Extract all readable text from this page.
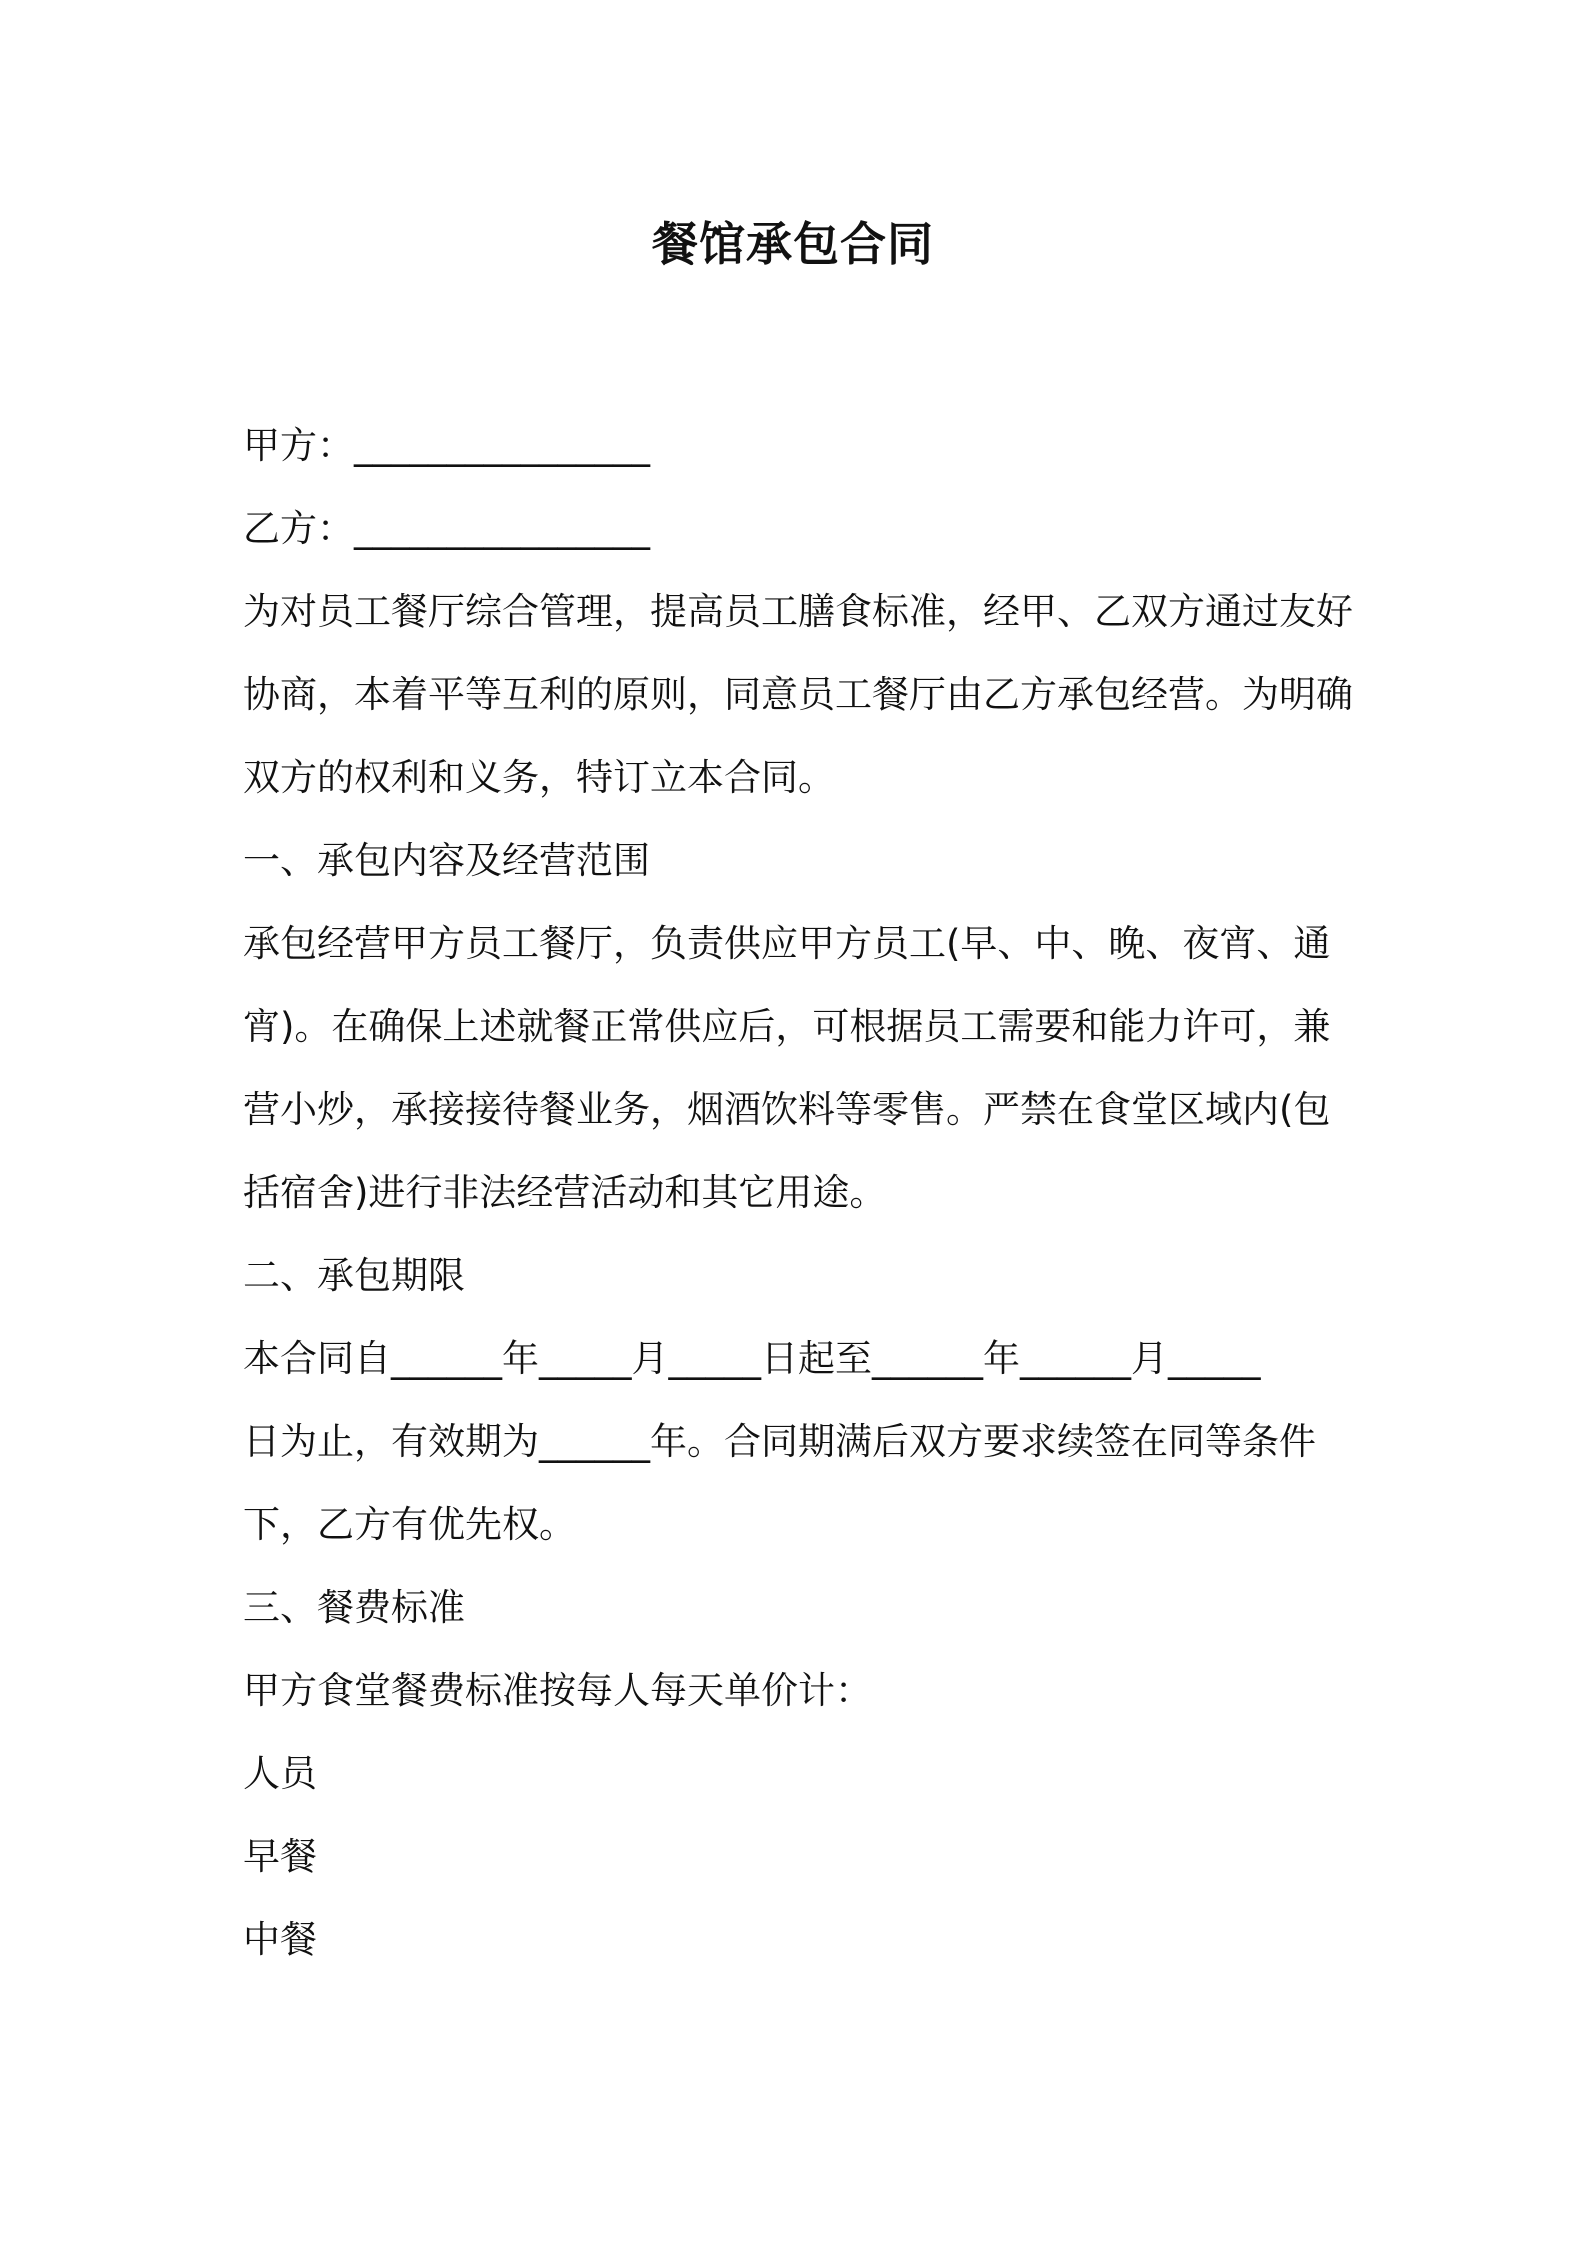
餐馆承包合同
甲方：________________
乙方：________________
为对员工餐厅综合管理，提高员工膳食标准，经甲、乙双方通过友好
协商，本着平等互利的原则，同意员工餐厅由乙方承包经营。为明确
双方的权利和义务，特订立本合同。
一、承包内容及经营范围
承包经营甲方员工餐厅，负责供应甲方员工(早、中、晚、夜宵、通
宵)。在确保上述就餐正常供应后，可根据员工需要和能力许可，兼
营小炒，承接接待餐业务，烟酒饮料等零售。严禁在食堂区域内(包
括宿舍)进行非法经营活动和其它用途。
二、承包期限
本合同自______年_____月_____日起至______年______月_____
日为止，有效期为______年。合同期满后双方要求续签在同等条件
下，乙方有优先权。
三、餐费标准
甲方食堂餐费标准按每人每天单价计：
人员
早餐
中餐
